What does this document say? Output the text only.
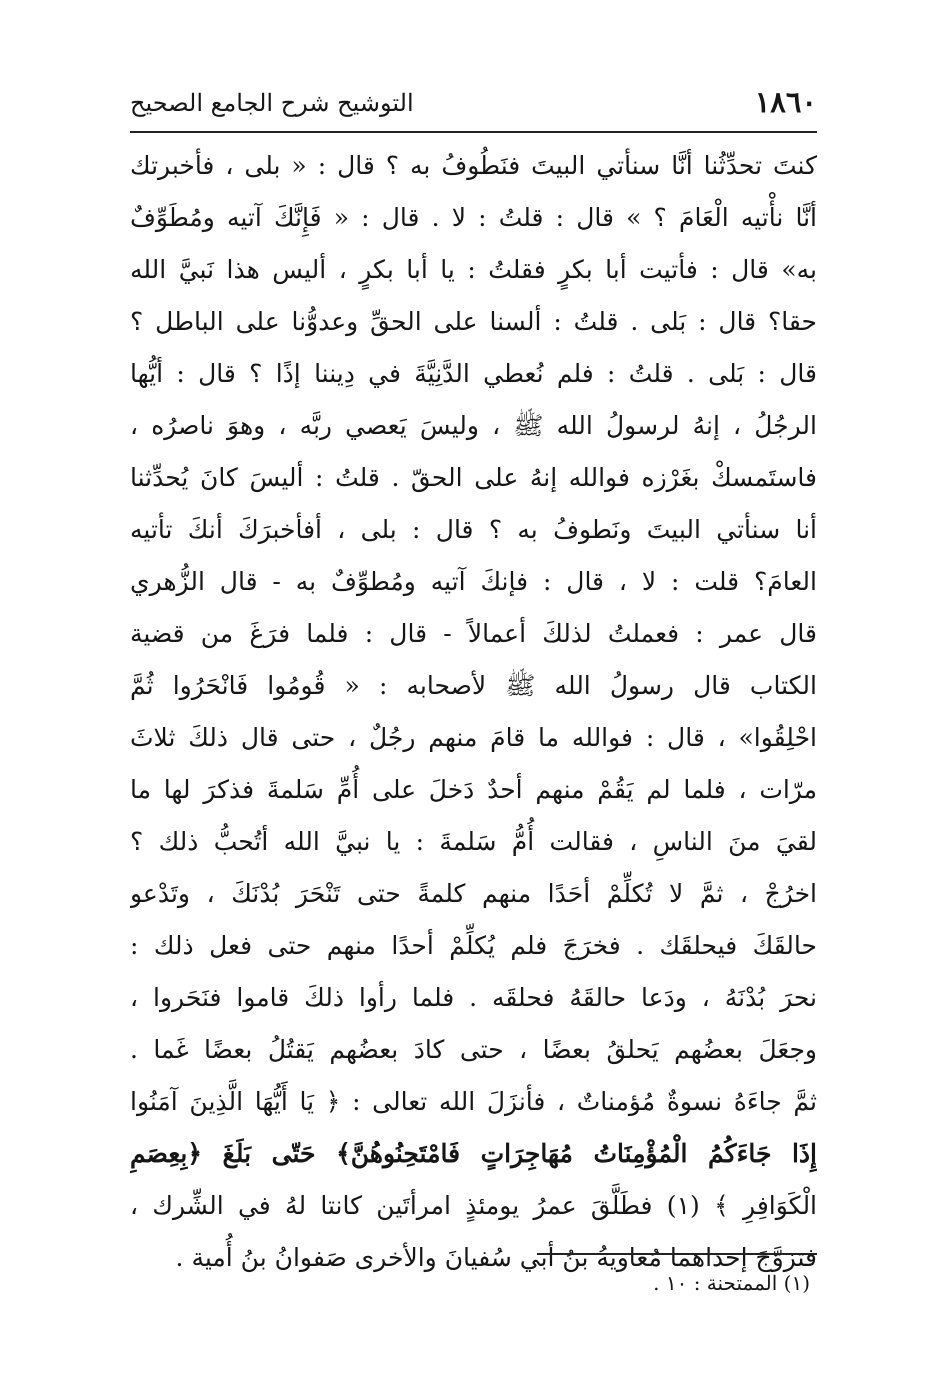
١٨٦٠
التوشيح شرح الجامع الصحيح
كنتَ تحدِّثُنا أنَّا سنأتي البيتَ فنَطُوفُ به ؟ قال : « بلى ، فأخبرتك
أنَّا نأْتيه الْعَامَ ؟ » قال : قلتُ : لا . قال : « فَإِنَّكَ آتيه ومُطَوِّفٌ
به» قال : فأتيت أبا بكرٍ فقلتُ : يا أبا بكرٍ ، أليس هذا نَبيَّ الله
حقا؟ قال : بَلى . قلتُ : ألسنا على الحقِّ وعدوُّنا على الباطل ؟
قال : بَلى . قلتُ : فلم نُعطي الدَّنِيَّةَ في دِيننا إذًا ؟ قال : أيُّها
الرجُلُ ، إنهُ لرسولُ الله ﷺ ، وليسَ يَعصي ربَّه ، وهوَ ناصرُه ،
فاستَمسكْ بغَرْزه فوالله إنهُ على الحقّ . قلتُ : أليسَ كانَ يُحدِّثنا
أنا سنأتي البيتَ ونَطوفُ به ؟ قال : بلى ، أفأخبرَكَ أنكَ تأتيه
العامَ؟ قلت : لا ، قال : فإنكَ آتيه ومُطوِّفٌ به - قال الزُّهري
قال عمر : فعملتُ لذلكَ أعمالاً - قال : فلما فرَغَ من قضية
الكتاب قال رسولُ الله ﷺ لأصحابه : « قُومُوا فَانْحَرُوا ثُمَّ
احْلِقُوا» ، قال : فوالله ما قامَ منهم رجُلٌ ، حتى قال ذلكَ ثلاثَ
مرّات ، فلما لم يَقُمْ منهم أحدٌ دَخلَ على أُمِّ سَلمةَ فذكرَ لها ما
لقيَ منَ الناسِ ، فقالت أُمُّ سَلمةَ : يا نبيَّ الله أتُحبُّ ذلك ؟
اخرُجْ ، ثمَّ لا تُكلِّمْ أحَدًا منهم كلمةً حتى تَنْحَرَ بُدْنَكَ ، وتَدْعو
حالقَكَ فيحلقَك . فخرَجَ فلم يُكلِّمْ أحدًا منهم حتى فعل ذلك :
نحرَ بُدْنَهُ ، ودَعا حالقَهُ فحلقَه . فلما رأوا ذلكَ قاموا فنَحَروا ،
وجعَلَ بعضُهم يَحلقُ بعضًا ، حتى كادَ بعضُهم يَقتُلُ بعضًا غَما .
ثمَّ جاءَهُ نسوةٌ مُؤمناتٌ ، فأنزَلَ الله تعالى : ﴿ يَا أَيُّهَا الَّذِينَ آمَنُوا
إِذَا جَاءَكُمُ الْمُؤْمِنَاتُ مُهَاجِرَاتٍ فَامْتَحِنُوهُنَّ﴾ حَتّى بَلَغَ ﴿بِعِصَمِ
الْكَوَافِرِ ﴾ (١) فطَلَّقَ عمرُ يومئذٍ امرأتَين كانتا لهُ في الشِّرك ،
فتزوَّجَ إحداهما مُعاويةُ بنُ أبي سُفيانَ والأخرى صَفوانُ بنُ أُمية .
(١) الممتحنة : ١٠ .
